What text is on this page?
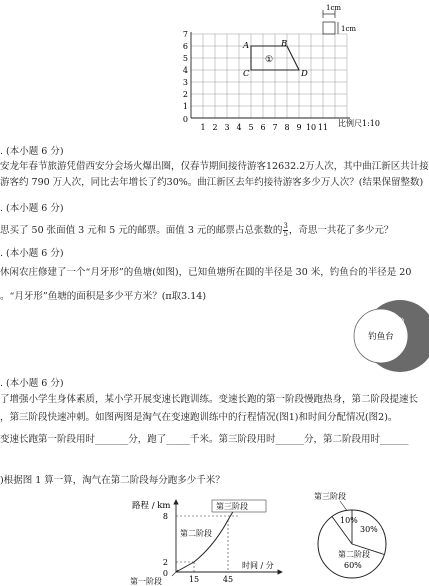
7
6
5
4
3
2
1
0
1 2 3 4 5 6 7 8 9 10 11
A	B
C	D
①
1cm
1cm
比例尺1:10
. (本小题 6 分)
安龙年春节旅游凭借西安分会场火爆出圈，仅春节期间接待游客12632.2万人次，其中曲江新区共计接
游客约 790 万人次，同比去年增长了约30%。曲江新区去年约接待游客多少万人次？(结果保留整数)
. (本小题 6 分)
思买了 50 张面值 3 元和 5 元的邮票。面值 3 元的邮票占总张数的 $\frac{3}{5}$ ，奇思一共花了多少元？
. (本小题 6 分)
休闲农庄修建了一个“月牙形”的鱼塘(如图)，已知鱼塘所在圆的半径是 30 米，钓鱼台的半径是 20
。“月牙形”鱼塘的面积是多少平方米？(π取3.14)
钓鱼台
鱼
. (本小题 6 分)
了增强小学生身体素质，某小学开展变速长跑训练。变速长跑的第一阶段慢跑热身，第二阶段提速长
，第三阶段快速冲刺。如图两图是淘气在变速跑训练中的行程情况(图1)和时间分配情况(图2)。
变速长跑第一阶段用时_______分，跑了_____千米。第三阶段用时______分，第二阶段用时______
)根据图 1 算一算，淘气在第二阶段每分跑多少千米？
路程 / km	第三阶段
第二阶段
8
2
0
15	45
时间 / 分
第一阶段
第三阶段
10%
30%
第二阶段
60%
